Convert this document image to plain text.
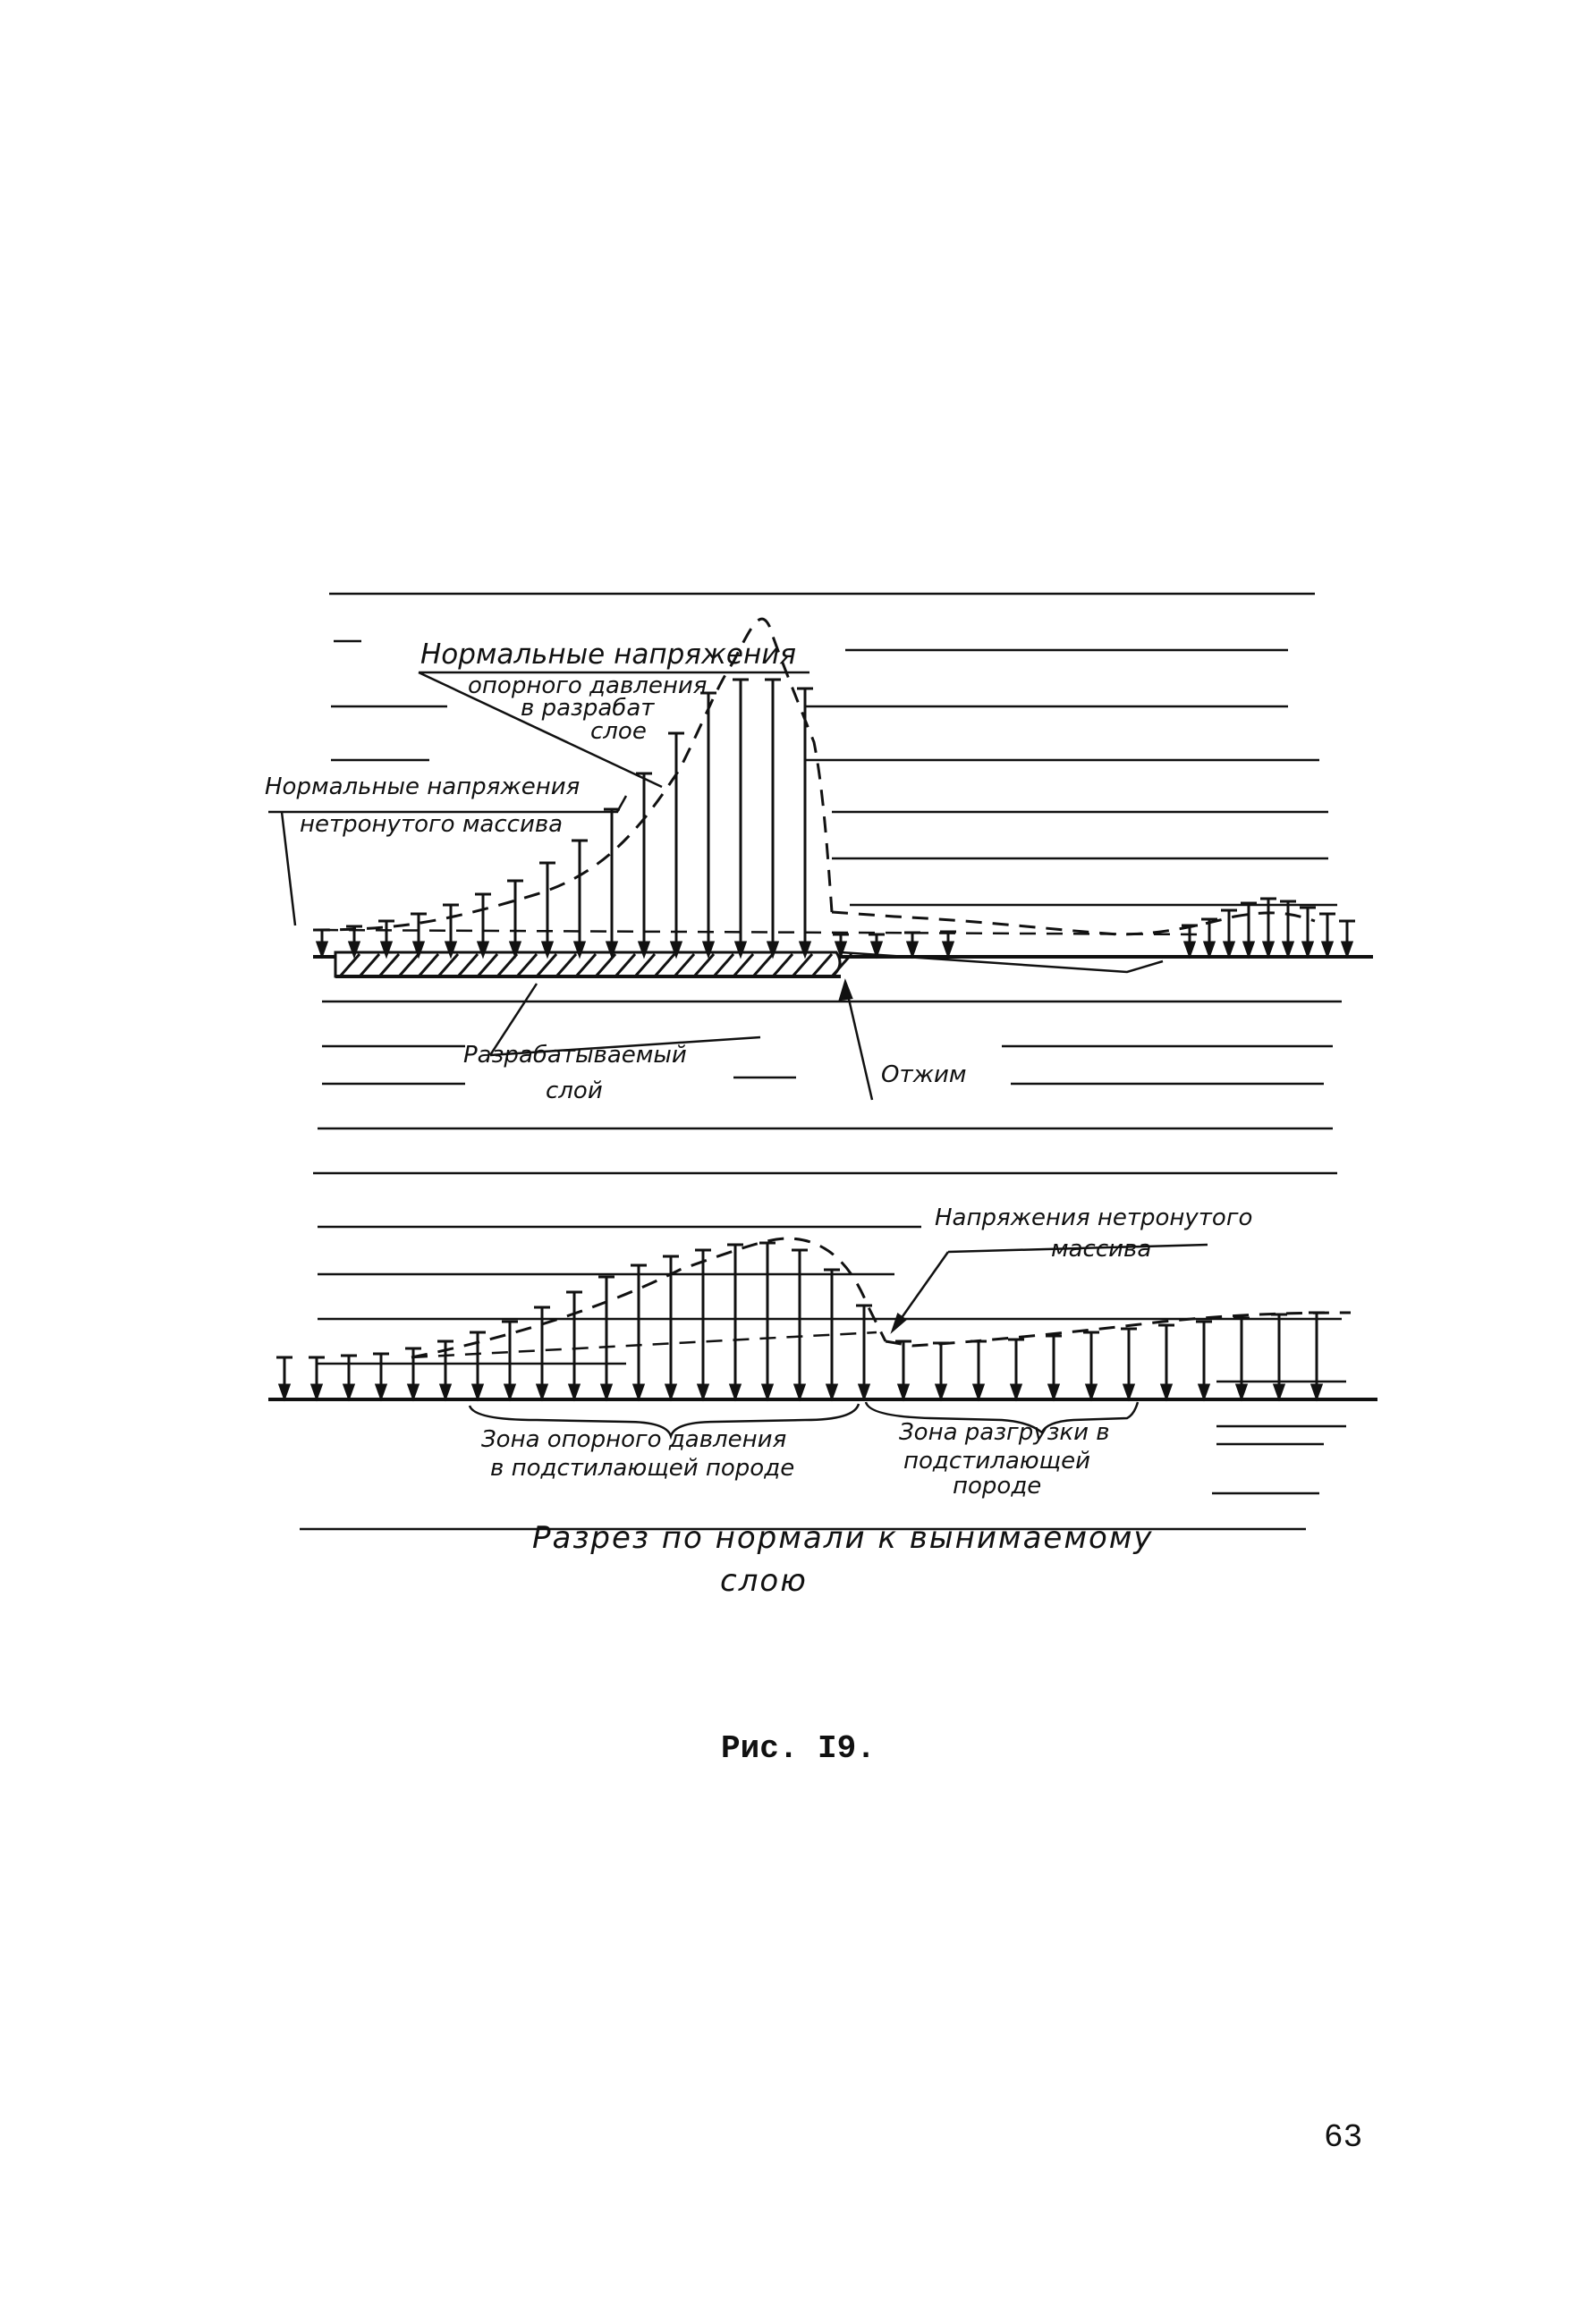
Нормальные напряжения
опорного давления
в разрабат
слое
Нормальные напряжения
нетронутого массива
Разрабатываемый
слой
Отжим
Напряжения нетронутого
массива
Зона опорного давления
в подстилающей породе
Зона разгрузки в
подстилающей
породе
Разрез по нормали к вынимаемому
слою
Рис. I9.
63
